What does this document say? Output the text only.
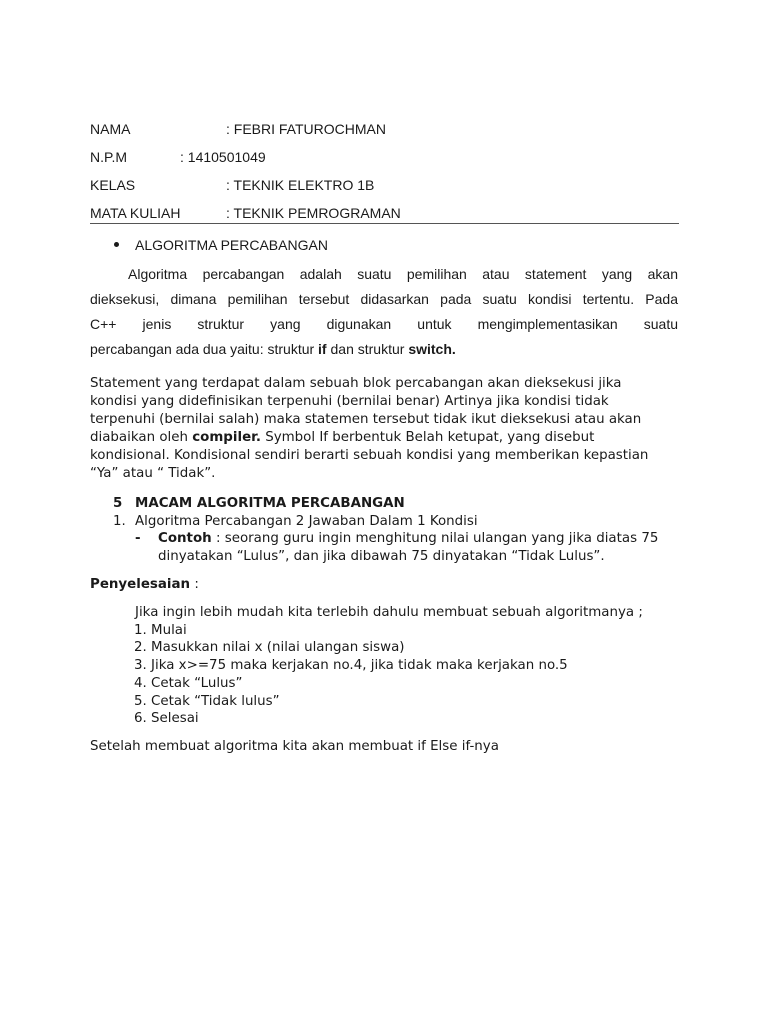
NAMA	: FEBRI FATUROCHMAN
N.P.M	: 1410501049
KELAS	: TEKNIK ELEKTRO 1B
MATA KULIAH	: TEKNIK PEMROGRAMAN
ALGORITMA PERCABANGAN
Algoritma percabangan adalah suatu pemilihan atau statement yang akan
dieksekusi, dimana pemilihan tersebut didasarkan pada suatu kondisi tertentu. Pada
C++ jenis struktur yang digunakan untuk mengimplementasikan suatu
percabangan ada dua yaitu: struktur if dan struktur switch.
Statement yang terdapat dalam sebuah blok percabangan akan dieksekusi jika
kondisi yang didefinisikan terpenuhi (bernilai benar) Artinya jika kondisi tidak
terpenuhi (bernilai salah) maka statemen tersebut tidak ikut dieksekusi atau akan
diabaikan oleh compiler. Symbol If berbentuk Belah ketupat, yang disebut
kondisional. Kondisional sendiri berarti sebuah kondisi yang memberikan kepastian
“Ya” atau “ Tidak”.
5 MACAM ALGORITMA PERCABANGAN
1. Algoritma Percabangan 2 Jawaban Dalam 1 Kondisi
- Contoh : seorang guru ingin menghitung nilai ulangan yang jika diatas 75
dinyatakan “Lulus”, dan jika dibawah 75 dinyatakan “Tidak Lulus”.
Penyelesaian :
Jika ingin lebih mudah kita terlebih dahulu membuat sebuah algoritmanya ;
1. Mulai
2. Masukkan nilai x (nilai ulangan siswa)
3. Jika x>=75 maka kerjakan no.4, jika tidak maka kerjakan no.5
4. Cetak “Lulus”
5. Cetak “Tidak lulus”
6. Selesai
Setelah membuat algoritma kita akan membuat if Else if-nya
